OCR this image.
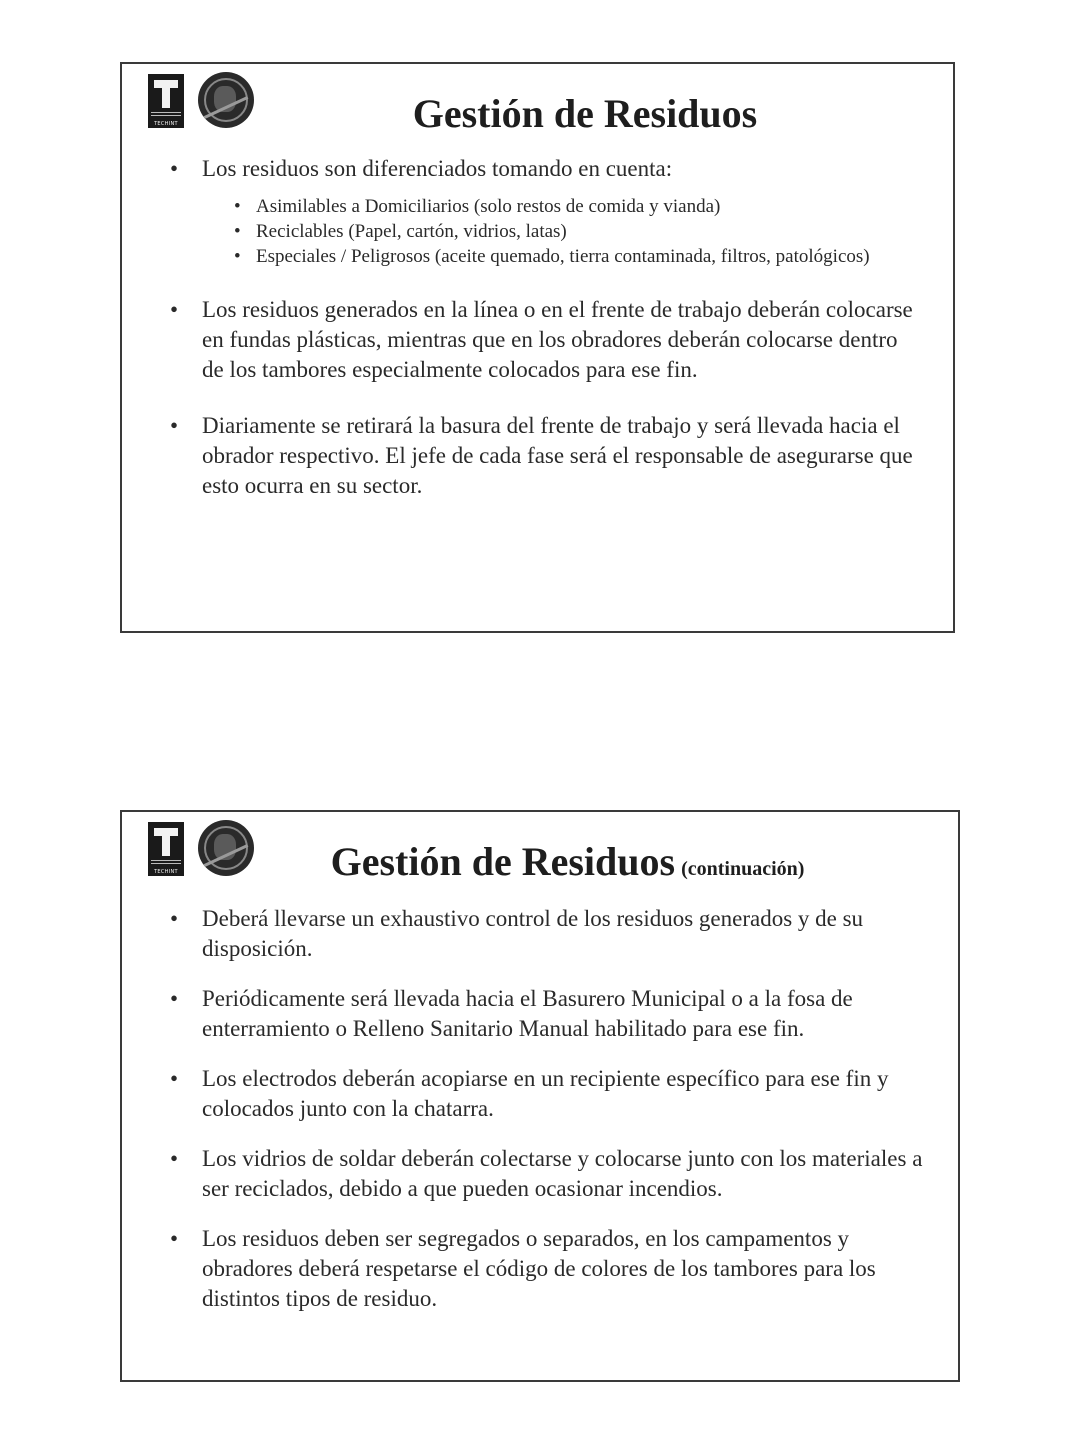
TECHINT	Gestión de Residuos
• Los residuos son diferenciados tomando en cuenta:
• Asimilables a Domiciliarios (solo restos de comida y vianda)
• Reciclables (Papel, cartón, vidrios, latas)
• Especiales / Peligrosos (aceite quemado, tierra contaminada, filtros, patológicos)
• Los residuos generados en la línea o en el frente de trabajo deberán colocarse en fundas plásticas, mientras que en los obradores deberán colocarse dentro de los tambores especialmente colocados para ese fin.
• Diariamente se retirará la basura del frente de trabajo y será llevada hacia el obrador respectivo. El jefe de cada fase será el responsable de asegurarse que esto ocurra en su sector.
TECHINT	Gestión de Residuos (continuación)
• Deberá llevarse un exhaustivo control de los residuos generados y de su disposición.
• Periódicamente será llevada hacia el Basurero Municipal o a la fosa de enterramiento o Relleno Sanitario Manual habilitado para ese fin.
• Los electrodos deberán acopiarse en un recipiente específico para ese fin y colocados junto con la chatarra.
• Los vidrios de soldar deberán colectarse y colocarse junto con los materiales a ser reciclados, debido a que pueden ocasionar incendios.
• Los residuos deben ser segregados o separados, en los campamentos y obradores deberá respetarse el código de colores de los tambores para los distintos tipos de residuo.
